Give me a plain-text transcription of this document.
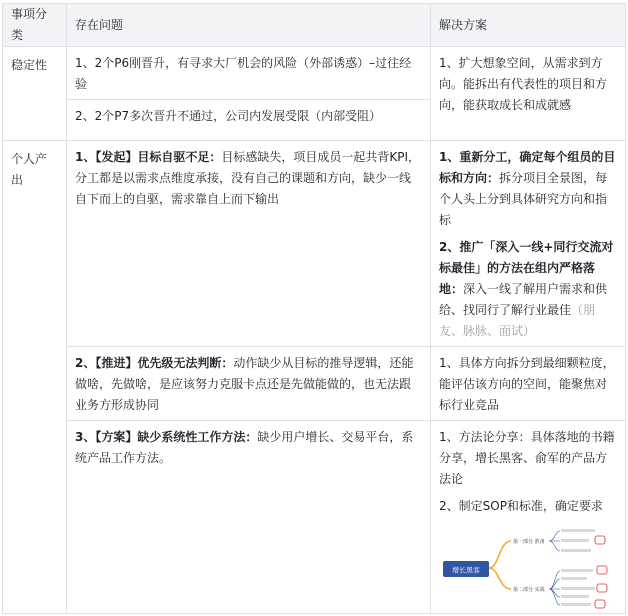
事项分类	存在问题	解决方案
稳定性	1、2个P6刚晋升，有寻求大厂机会的风险（外部诱惑）–过往经验	1、扩大想象空间，从需求到方向。能拆出有代表性的项目和方向，能获取成长和成就感
	2、2个P7多次晋升不通过，公司内发展受限（内部受阻）	
个人产出	1、【发起】目标自驱不足：目标感缺失，项目成员一起共背KPI，分工都是以需求点维度承接，没有自己的课题和方向，缺少一线自下而上的自驱，需求靠自上而下输出	1、重新分工，确定每个组员的目标和方向：拆分项目全景图，每个人头上分到具体研究方向和指标

2、推广「深入一线+同行交流对标最佳」的方法在组内严格落地：深入一线了解用户需求和供给、找同行了解行业最佳（朋友、脉脉、面试）

	2、【推进】优先级无法判断：动作缺少从目标的推导逻辑，还能做啥，先做啥，是应该努力克服卡点还是先做能做的，也无法跟业务方形成协同	1、具体方向拆分到最细颗粒度，能评估该方向的空间，能聚焦对标行业竞品
	3、【方案】缺少系统性工作方法：缺少用户增长、交易平台，系统产品工作方法。	1、方法论分享：具体落地的书籍分享，增长黑客、俞军的产品方法论

2、制定SOP和标准，确定要求

增长黑客
第一部分 准备
第二部分 实战
